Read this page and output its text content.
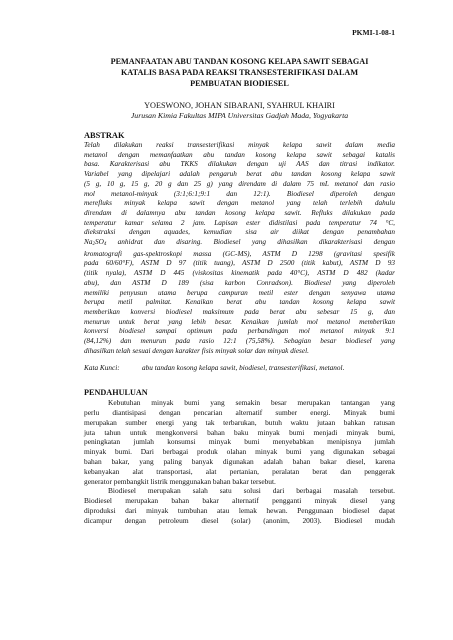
PKMI-1-08-1
PEMANFAATAN ABU TANDAN KOSONG KELAPA SAWIT SEBAGAI
KATALIS BASA PADA REAKSI TRANSESTERIFIKASI DALAM
PEMBUATAN BIODIESEL
YOESWONO, JOHAN SIBARANI, SYAHRUL KHAIRI
Jurusan Kimia Fakultas MIPA Universitas Gadjah Mada, Yogyakarta
ABSTRAK
Telah dilakukan reaksi transesterifikasi minyak kelapa sawit dalam media
metanol dengan memanfaatkan abu tandan kosong kelapa sawit sebagai katalis
basa. Karakterisasi abu TKKS dilakukan dengan uji AAS dan titrasi indikator.
Variabel yang dipelajari adalah pengaruh berat abu tandan kosong kelapa sawit
(5 g, 10 g, 15 g, 20 g dan 25 g) yang direndam di dalam 75 mL metanol dan rasio
mol metanol-minyak (3:1;6:1;9:1 dan 12:1). Biodiesel diperoleh dengan
merefluks minyak kelapa sawit dengan metanol yang telah terlebih dahulu
direndam di dalamnya abu tandan kosong kelapa sawit. Refluks dilakukan pada
temperatur kamar selama 2 jam. Lapisan ester didistilasi pada temperatur 74 °C,
diekstraksi dengan aquades, kemudian sisa air diikat dengan penambahan
$Na_2SO_4$ anhidrat dan disaring. Biodiesel yang dihasilkan dikarakterisasi dengan
kromatografi gas-spektroskopi massa (GC-MS), ASTM D 1298 (gravitasi spesifik
pada 60/60°F), ASTM D 97 (titik tuang), ASTM D 2500 (titik kabut), ASTM D 93
(titik nyala), ASTM D 445 (viskositas kinematik pada 40°C), ASTM D 482 (kadar
abu), dan ASTM D 189 (sisa karbon Conradson). Biodiesel yang diperoleh
memiliki penyusun utama berupa campuran metil ester dengan senyawa utama
berupa metil palmitat. Kenaikan berat abu tandan kosong kelapa sawit
memberikan konversi biodiesel maksimum pada berat abu sebesar 15 g, dan
menurun untuk berat yang lebih besar. Kenaikan jumlah mol metanol memberikan
konversi biodiesel sampai optimum pada perbandingan mol metanol minyak 9:1
(84,12%) dan menurun pada rasio 12:1 (75,58%). Sebagian besar biodiesel yang
dihasilkan telah sesuai dengan karakter fisis minyak solar dan minyak diesel.
Kata Kunci:	abu tandan kosong kelapa sawit, biodiesel, transesterifikasi, metanol.
PENDAHULUAN
Kebutuhan minyak bumi yang semakin besar merupakan tantangan yang
perlu diantisipasi dengan pencarian alternatif sumber energi. Minyak bumi
merupakan sumber energi yang tak terbarukan, butuh waktu jutaan bahkan ratusan
juta tahun untuk mengkonversi bahan baku minyak bumi menjadi minyak bumi,
peningkatan jumlah konsumsi minyak bumi menyebabkan menipisnya jumlah
minyak bumi. Dari berbagai produk olahan minyak bumi yang digunakan sebagai
bahan bakar, yang paling banyak digunakan adalah bahan bakar diesel, karena
kebanyakan alat transportasi, alat pertanian, peralatan berat dan penggerak
generator pembangkit listrik menggunakan bahan bakar tersebut.
Biodiesel merupakan salah satu solusi dari berbagai masalah tersebut.
Biodiesel merupakan bahan bakar alternatif pengganti minyak diesel yang
diproduksi dari minyak tumbuhan atau lemak hewan. Penggunaan biodiesel dapat
dicampur dengan petroleum diesel (solar) (anonim, 2003). Biodiesel mudah
